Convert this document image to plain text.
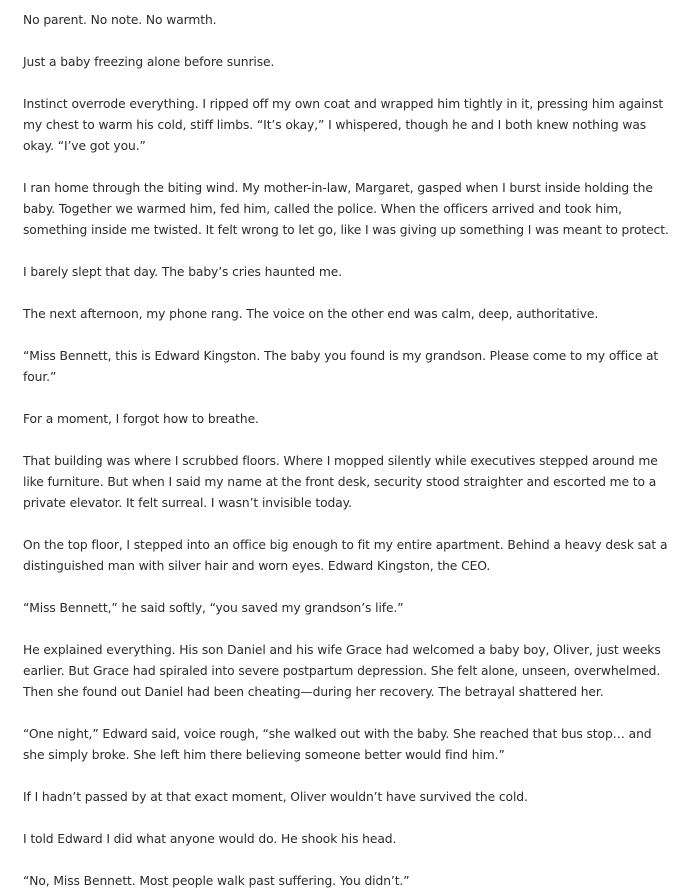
No parent. No note. No warmth.

Just a baby freezing alone before sunrise.

Instinct overrode everything. I ripped off my own coat and wrapped him tightly in it, pressing him against my chest to warm his cold, stiff limbs. “It’s okay,” I whispered, though he and I both knew nothing was okay. “I’ve got you.”

I ran home through the biting wind. My mother-in-law, Margaret, gasped when I burst inside holding the baby. Together we warmed him, fed him, called the police. When the officers arrived and took him, something inside me twisted. It felt wrong to let go, like I was giving up something I was meant to protect.

I barely slept that day. The baby’s cries haunted me.

The next afternoon, my phone rang. The voice on the other end was calm, deep, authoritative.

“Miss Bennett, this is Edward Kingston. The baby you found is my grandson. Please come to my office at four.”

For a moment, I forgot how to breathe.

That building was where I scrubbed floors. Where I mopped silently while executives stepped around me like furniture. But when I said my name at the front desk, security stood straighter and escorted me to a private elevator. It felt surreal. I wasn’t invisible today.

On the top floor, I stepped into an office big enough to fit my entire apartment. Behind a heavy desk sat a distinguished man with silver hair and worn eyes. Edward Kingston, the CEO.

“Miss Bennett,” he said softly, “you saved my grandson’s life.”

He explained everything. His son Daniel and his wife Grace had welcomed a baby boy, Oliver, just weeks earlier. But Grace had spiraled into severe postpartum depression. She felt alone, unseen, overwhelmed. Then she found out Daniel had been cheating—during her recovery. The betrayal shattered her.

“One night,” Edward said, voice rough, “she walked out with the baby. She reached that bus stop… and she simply broke. She left him there believing someone better would find him.”

If I hadn’t passed by at that exact moment, Oliver wouldn’t have survived the cold.

I told Edward I did what anyone would do. He shook his head.

“No, Miss Bennett. Most people walk past suffering. You didn’t.”
